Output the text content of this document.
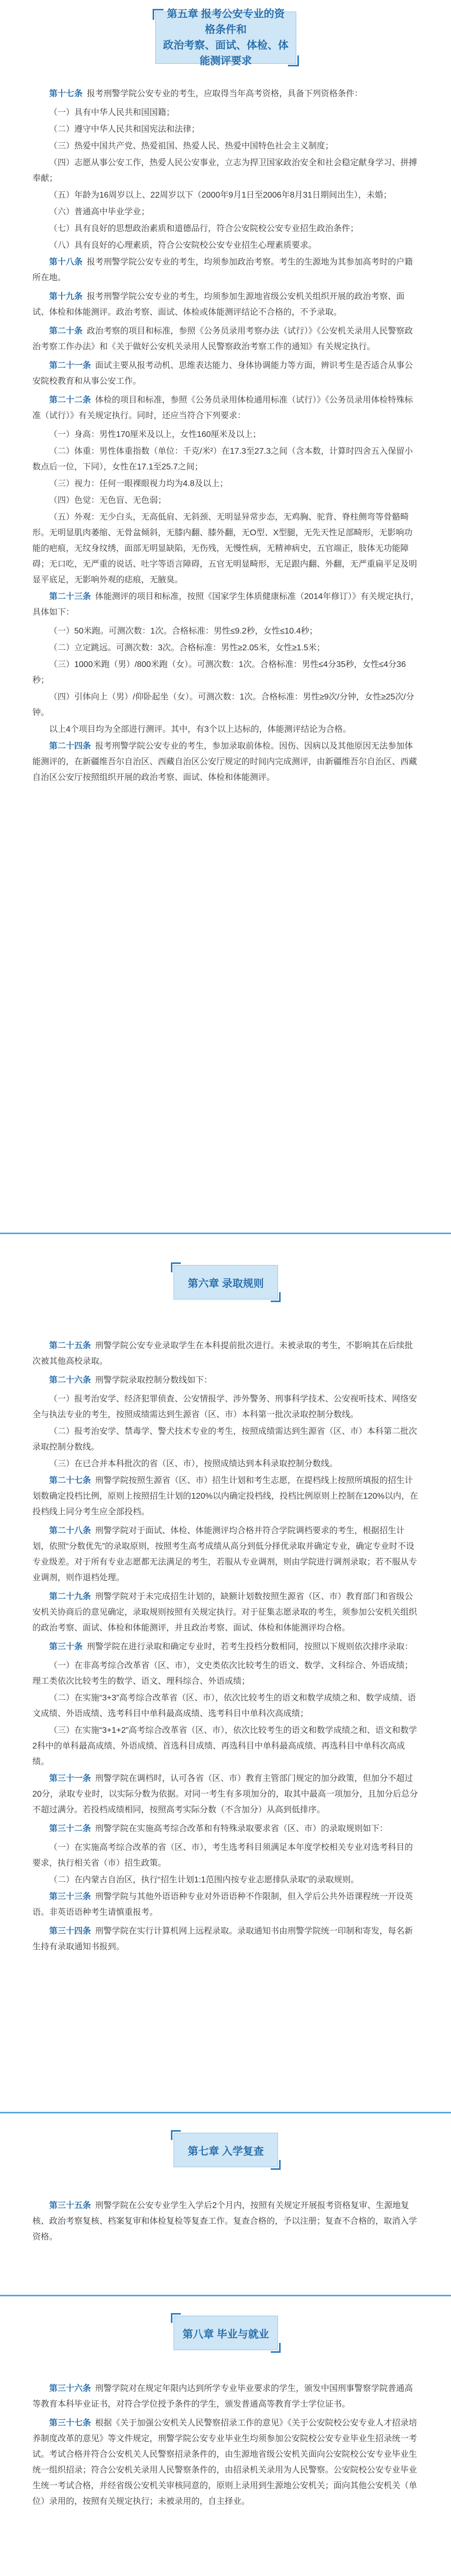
第五章 报考公安专业的资格条件和
政治考察、面试、体检、体能测评要求

第十七条 报考刑警学院公安专业的考生，应取得当年高考资格，具备下列资格条件：

（一）具有中华人民共和国国籍；

（二）遵守中华人民共和国宪法和法律；

（三）热爱中国共产党、热爱祖国、热爱人民、热爱中国特色社会主义制度；

（四）志愿从事公安工作，热爱人民公安事业，立志为捍卫国家政治安全和社会稳定献身学习、拼搏奉献；

（五）年龄为16周岁以上、22周岁以下（2000年9月1日至2006年8月31日期间出生），未婚；

（六）普通高中毕业学业；

（七）具有良好的思想政治素质和道德品行，符合公安院校公安专业招生政治条件；

（八）具有良好的心理素质，符合公安院校公安专业招生心理素质要求。

第十八条 报考刑警学院公安专业的考生，均须参加政治考察。考生的生源地为其参加高考时的户籍所在地。

第十九条 报考刑警学院公安专业的考生，均须参加生源地省级公安机关组织开展的政治考察、面试、体检和体能测评。政治考察、面试、体检或体能测评结论不合格的，不予录取。

第二十条 政治考察的项目和标准，参照《公务员录用考察办法（试行）》《公安机关录用人民警察政治考察工作办法》和《关于做好公安机关录用人民警察政治考察工作的通知》有关规定执行。

第二十一条 面试主要从报考动机、思维表达能力、身体协调能力等方面，辨识考生是否适合从事公安院校教育和从事公安工作。

第二十二条 体检的项目和标准，参照《公务员录用体检通用标准（试行）》《公务员录用体检特殊标准（试行）》有关规定执行。同时，还应当符合下列要求：

（一）身高：男性170厘米及以上，女性160厘米及以上；

（二）体重：男性体重指数（单位：千克/米²）在17.3至27.3之间（含本数，计算时四舍五入保留小数点后一位，下同），女性在17.1至25.7之间；

（三）视力：任何一眼裸眼视力均为4.8及以上；

（四）色觉：无色盲、无色弱；

（五）外观：无少白头，无高低肩、无斜颈、无明显异常步态，无鸡胸、驼背、脊柱侧弯等骨骼畸形。无明显肌肉萎缩、无骨盆倾斜，无膝内翻、膝外翻，无O型、X型腿，无先天性足部畸形，无影响功能的疤痕，无纹身纹绣，面部无明显缺陷，无伤残，无慢性病，无精神病史，五官端正，肢体无功能障碍；无口吃，无严重的说话、吐字等语言障碍，五官无明显畸形，无足跟内翻、外翻，无严重扁平足及明显平底足，无影响外观的痣痕，无腋臭。

第二十三条 体能测评的项目和标准，按照《国家学生体质健康标准（2014年修订）》有关规定执行，具体如下：

（一）50米跑。可测次数：1次。合格标准：男性≤9.2秒，女性≤10.4秒；

（二）立定跳远。可测次数：3次。合格标准：男性≥2.05米，女性≥1.5米；

（三）1000米跑（男）/800米跑（女）。可测次数：1次。合格标准：男性≤4分35秒，女性≤4分36秒；

（四）引体向上（男）/仰卧起坐（女）。可测次数：1次。合格标准：男性≥9次/分钟，女性≥25次/分钟。

以上4个项目均为全部进行测评。其中，有3个以上达标的，体能测评结论为合格。

第二十四条 报考刑警学院公安专业的考生，参加录取前体检。因伤、因病以及其他原因无法参加体能测评的，在新疆维吾尔自治区、西藏自治区公安厅规定的时间内完成测评，由新疆维吾尔自治区、西藏自治区公安厅按照组织开展的政治考察、面试、体检和体能测评。

第六章 录取规则

第二十五条 刑警学院公安专业录取学生在本科提前批次进行。未被录取的考生，不影响其在后续批次被其他高校录取。

第二十六条 刑警学院录取控制分数线如下：

（一）报考治安学、经济犯罪侦查、公安情报学、涉外警务、刑事科学技术、公安视听技术、网络安全与执法专业的考生，按照成绩需达到生源省（区、市）本科第一批次录取控制分数线。

（二）报考治安学、禁毒学、警犬技术专业的考生，按照成绩需达到生源省（区、市）本科第二批次录取控制分数线。

（三）在已合并本科批次的省（区、市），按照成绩达到本科录取控制分数线。

第二十七条 刑警学院按照生源省（区、市）招生计划和考生志愿，在提档线上按照所填报的招生计划数确定投档比例，原则上按照招生计划的120%以内确定投档线，投档比例原则上控制在120%以内，在投档线上同分考生应全部投档。

第二十八条 刑警学院对于面试、体检、体能测评均合格并符合学院调档要求的考生，根据招生计划，依照“分数优先”的录取原则，按照考生高考成绩从高分到低分择优录取并确定专业，确定专业时不设专业级差。对于所有专业志愿都无法满足的考生，若服从专业调剂，则由学院进行调剂录取；若不服从专业调剂，则作退档处理。

第二十九条 刑警学院对于未完成招生计划的，缺额计划数按照生源省（区、市）教育部门和省级公安机关协商后的意见确定，录取规则按照有关规定执行。对于征集志愿录取的考生，须参加公安机关组织的政治考察、面试、体检和体能测评，并且政治考察、面试、体检和体能测评均合格。

第三十条 刑警学院在进行录取和确定专业时，若考生投档分数相同，按照以下规则依次排序录取：

（一）在非高考综合改革省（区、市），文史类依次比较考生的语文、数学、文科综合、外语成绩；理工类依次比较考生的数学、语文、理科综合、外语成绩；

（二）在实施“3+3”高考综合改革省（区、市），依次比较考生的语文和数学成绩之和、数学成绩、语文成绩、外语成绩、选考科目中单科最高成绩、选考科目中单科次高成绩；

（三）在实施“3+1+2”高考综合改革省（区、市），依次比较考生的语文和数学成绩之和、语文和数学2科中的单科最高成绩、外语成绩、首选科目成绩、再选科目中单科最高成绩、再选科目中单科次高成绩。

第三十一条 刑警学院在调档时，认可各省（区、市）教育主管部门规定的加分政策，但加分不超过20分，录取专业时，以实际分数为依据。对同一考生有多项加分的，取其中最高一项加分，且加分后总分不超过满分。若投档成绩相同，按照高考实际分数（不含加分）从高到低排序。

第三十二条 刑警学院在实施高考综合改革和有特殊录取要求省（区、市）的录取规则如下：

（一）在实施高考综合改革的省（区、市），考生选考科目须满足本年度学校相关专业对选考科目的要求，执行相关省（市）招生政策。

（二）在内蒙古自治区，执行“招生计划1:1范围内按专业志愿排队录取”的录取规则。

第三十三条 刑警学院与其他外语语种专业对外语语种不作限制，但入学后公共外语课程统一开设英语。非英语语种考生请慎重报考。

第三十四条 刑警学院在实行计算机网上远程录取。录取通知书由刑警学院统一印制和寄发，每名新生持有录取通知书报到。

第七章 入学复查

第三十五条 刑警学院在公安专业学生入学后2个月内，按照有关规定开展报考资格复审、生源地复核、政治考察复核、档案复审和体检复检等复查工作。复查合格的，予以注册；复查不合格的，取消入学资格。

第八章 毕业与就业

第三十六条 刑警学院对在规定年限内达到所学专业毕业要求的学生，颁发中国刑事警察学院普通高等教育本科毕业证书，对符合学位授予条件的学生，颁发普通高等教育学士学位证书。

第三十七条 根据《关于加强公安机关人民警察招录工作的意见》《关于公安院校公安专业人才招录培养制度改革的意见》等文件规定，刑警学院公安专业毕业生均须参加公安院校公安专业毕业生招录统一考试。考试合格并符合公安机关人民警察招录条件的，由生源地省级公安机关面向公安院校公安专业毕业生统一组织招录；符合公安机关录用人民警察条件的，由招录机关录用为人民警察。公安院校公安专业毕业生统一考试合格，并经省级公安机关审核同意的，原则上录用到生源地公安机关；面向其他公安机关（单位）录用的，按照有关规定执行；未被录用的，自主择业。
